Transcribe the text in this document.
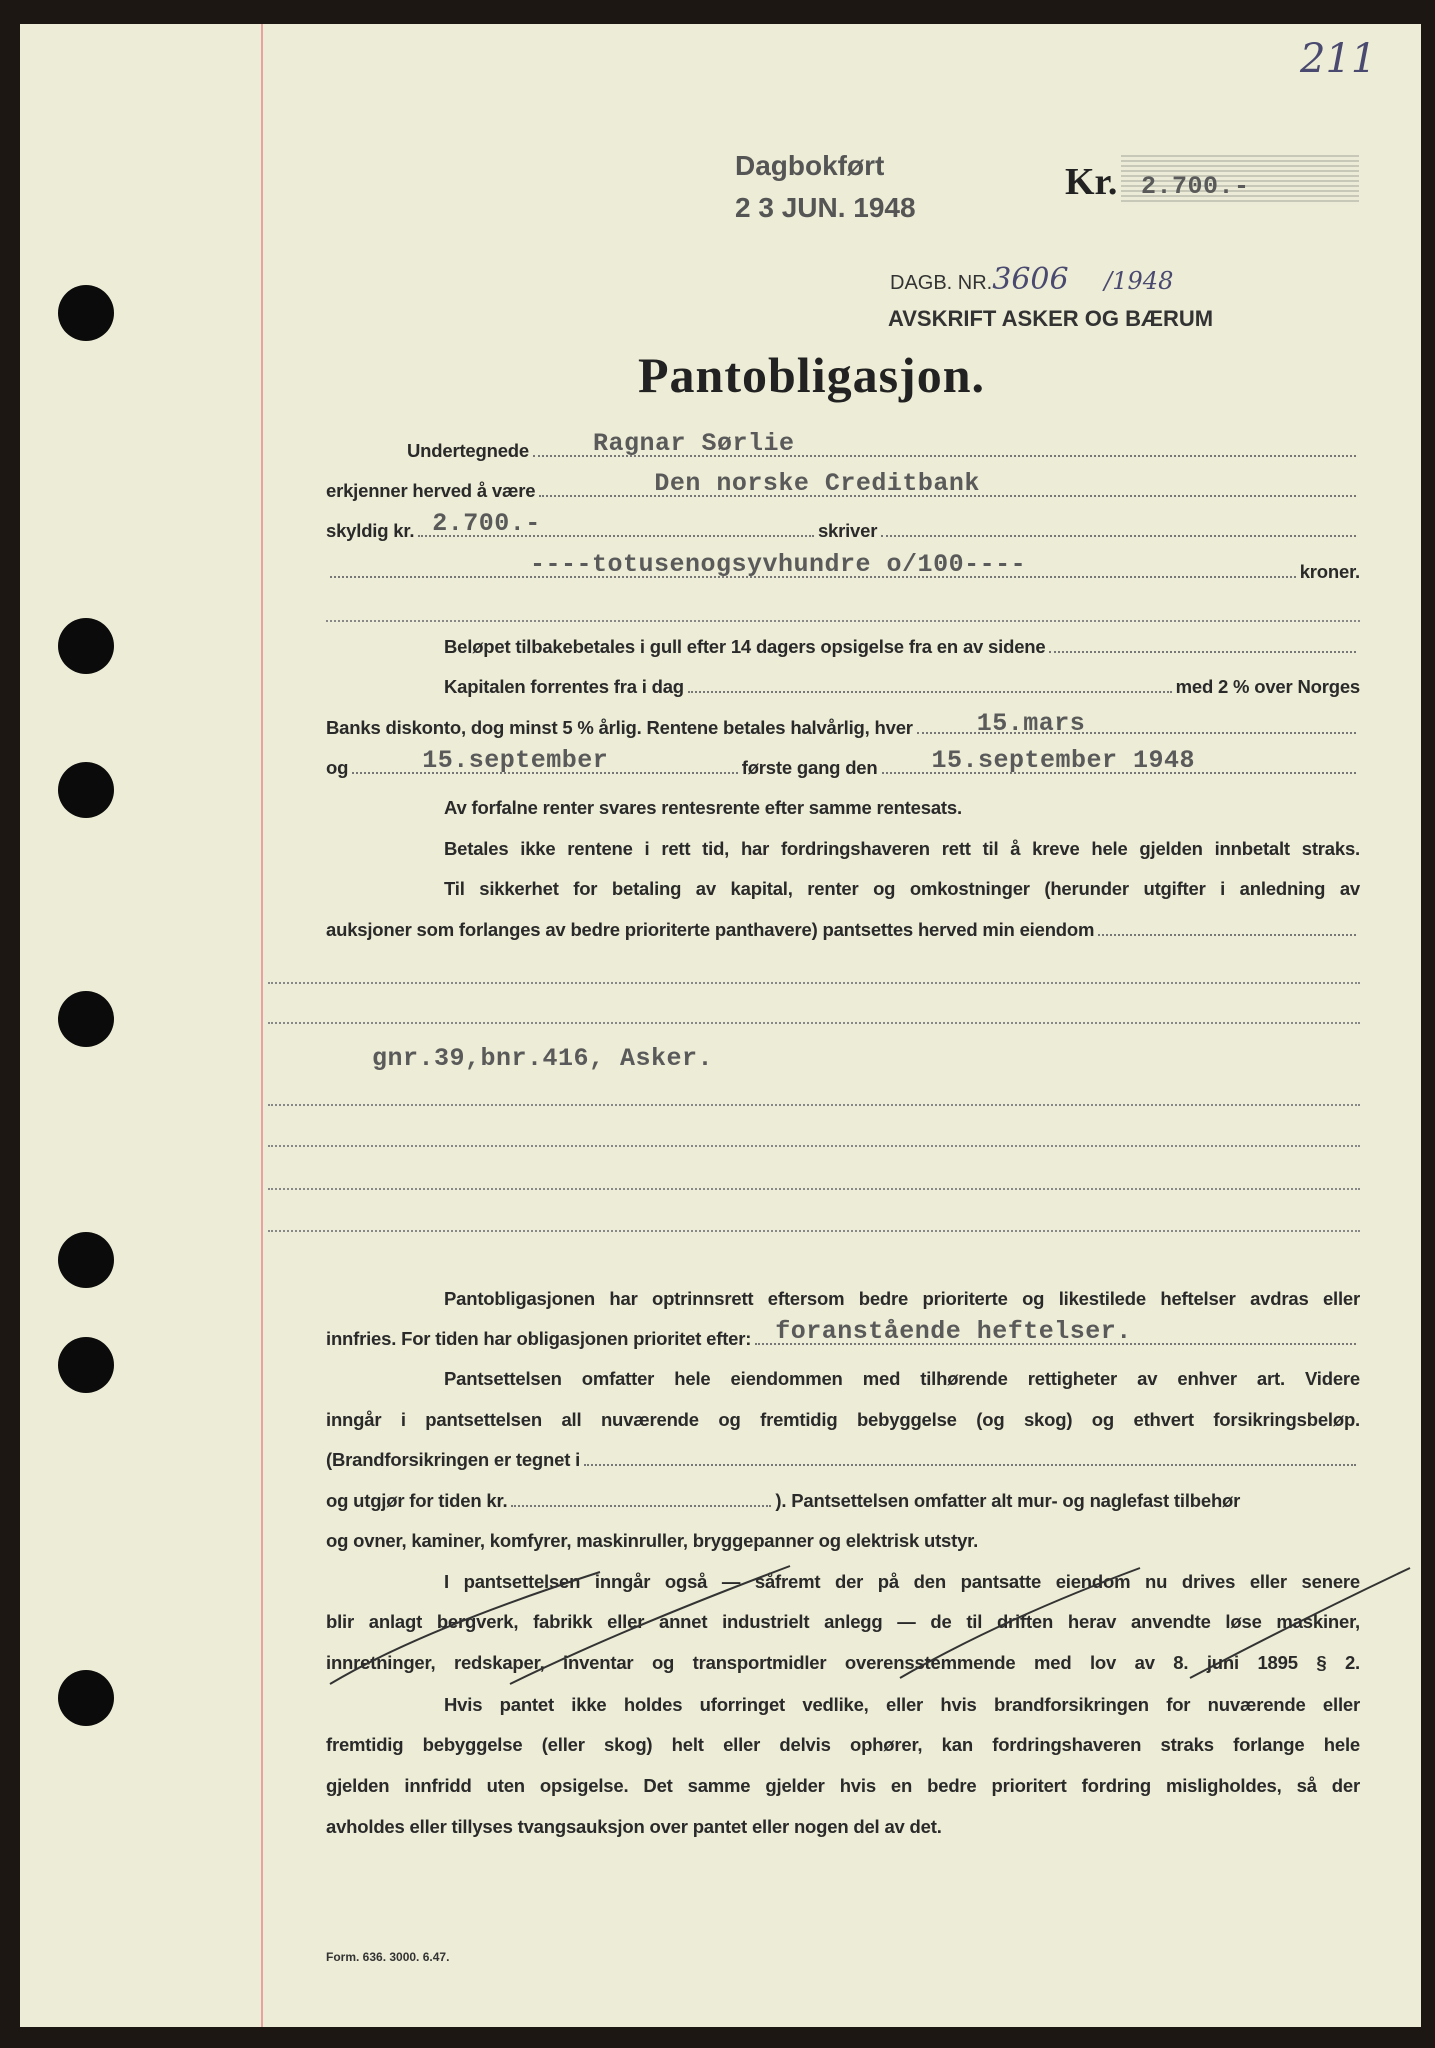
211
Dagbokført
2 3 JUN. 1948
Kr. 2.700.-
DAGB. NR.3606 /1948
AVSKRIFT ASKER OG BÆRUM
Pantobligasjon.
Undertegnede	Ragnar Sørlie
erkjenner herved å være	Den norske Creditbank
skyldig kr. 2.700.-	skriver
----totusenogsyvhundre o/100----	kroner.
Beløpet tilbakebetales i gull efter 14 dagers opsigelse fra en av sidene
Kapitalen forrentes fra i dag	med 2 % over Norges
Banks diskonto, dog minst 5 % årlig. Rentene betales halvårlig, hver	15.mars
og	15.september	første gang den 15.september 1948
Av forfalne renter svares rentesrente efter samme rentesats.
Betales ikke rentene i rett tid, har fordringshaveren rett til å kreve hele gjelden innbetalt straks.
Til sikkerhet for betaling av kapital, renter og omkostninger (herunder utgifter i anledning av
auksjoner som forlanges av bedre prioriterte panthavere) pantsettes herved min eiendom
gnr.39,bnr.416, Asker.
Pantobligasjonen har optrinnsrett eftersom bedre prioriterte og likestilede heftelser avdras eller
innfries. For tiden har obligasjonen prioritet efter: foranstående heftelser.
Pantsettelsen omfatter hele eiendommen med tilhørende rettigheter av enhver art. Videre
inngår i pantsettelsen all nuværende og fremtidig bebyggelse (og skog) og ethvert forsikringsbeløp.
(Brandforsikringen er tegnet i
og utgjør for tiden kr.	). Pantsettelsen omfatter alt mur- og naglefast tilbehør
og ovner, kaminer, komfyrer, maskinruller, bryggepanner og elektrisk utstyr.
I pantsettelsen inngår også — såfremt der på den pantsatte eiendom nu drives eller senere
blir anlagt bergverk, fabrikk eller annet industrielt anlegg — de til driften herav anvendte løse maskiner,
innretninger, redskaper, inventar og transportmidler overensstemmende med lov av 8. juni 1895 § 2.
Hvis pantet ikke holdes uforringet vedlike, eller hvis brandforsikringen for nuværende eller
fremtidig bebyggelse (eller skog) helt eller delvis ophører, kan fordringshaveren straks forlange hele
gjelden innfridd uten opsigelse. Det samme gjelder hvis en bedre prioritert fordring misligholdes, så der
avholdes eller tillyses tvangsauksjon over pantet eller nogen del av det.
Form. 636. 3000. 6.47.
